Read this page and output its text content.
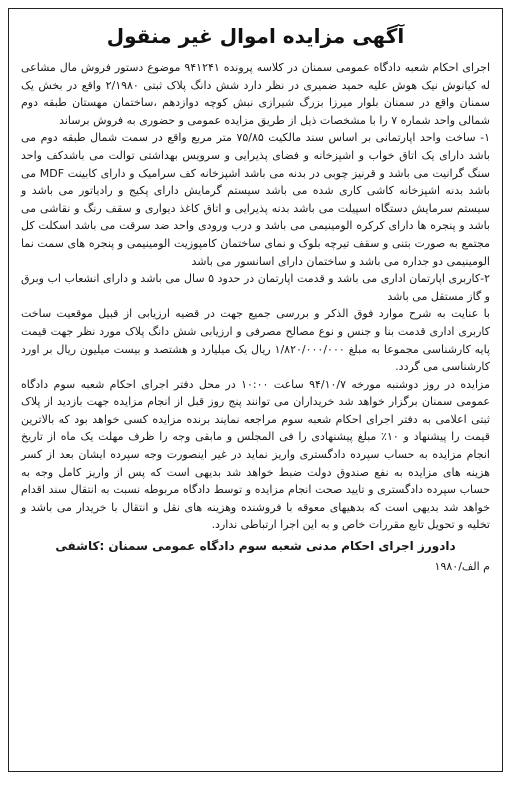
آگهی مزایده اموال غیر منقول

اجرای احکام شعبه دادگاه عمومی سمنان در کلاسه پرونده ۹۴۱۲۴۱ موضوع دستور فروش مال مشاعی له کیانوش نیک هوش علیه حمید ضمیری در نظر دارد شش دانگ پلاک ثبتی ۲/۱۹۸۰ واقع در بخش یک سمنان واقع در سمنان بلوار میرزا بزرگ شیرازی نبش کوچه دوازدهم ،ساختمان مهستان طبقه دوم شمالی واحد شماره ۷ را با مشخصات ذیل از طریق مزایده عمومی و حضوری به فروش برساند

۱- ساخت واحد اپارتمانی بر اساس سند مالکیت ۷۵/۸۵ متر مربع واقع در سمت شمال طبقه دوم می باشد دارای یک اتاق خواب و اشپزخانه و فضای پذیرایی و سرویس بهداشتی توالت می باشدکف واحد سنگ گرانیت می باشد و قرنیز چوبی در بدنه می باشد اشپزخانه کف سرامیک و دارای کابینت MDF می باشد بدنه اشپزخانه کاشی کاری شده می باشد سیستم گرمایش دارای پکیج و رادیاتور می باشد و سیستم سرمایش دستگاه اسپیلت می باشد بدنه پذیرایی و اتاق کاغذ دیواری و سقف رنگ و نقاشی می باشد و پنجره ها دارای کرکره الومینیمی می باشد و درب ورودی واحد ضد سرقت می باشد اسکلت کل مجتمع به صورت بتنی و سقف تیرچه بلوک و نمای ساختمان کامپوزیت الومینیمی و پنجره های سمت نما الومینیمی دو جداره می باشد و ساختمان دارای اسانسور می باشد

۲-کاربری اپارتمان اداری می باشد و قدمت اپارتمان در حدود ۵ سال می باشد و دارای انشعاب اب وبرق و گاز مستقل می باشد

با عنایت به شرح موارد فوق الذکر و بررسی جمیع جهت در قضیه ارزیابی از قبیل موقعیت ساخت کاربری اداری قدمت بنا و جنس و نوع مصالح مصرفی و ارزیابی شش دانگ پلاک مورد نظر جهت قیمت پایه کارشناسی مجموعا به مبلغ ۱/۸۲۰/۰۰۰/۰۰۰ ریال یک میلیارد و هشتصد و بیست میلیون ریال بر اورد کارشناسی می گردد.

مزایده در روز دوشنبه مورخه ۹۴/۱۰/۷ ساعت ۱۰:۰۰ در محل دفتر اجرای احکام شعبه سوم دادگاه عمومی سمنان برگزار خواهد شد خریداران می توانند پنج روز قبل از انجام مزایده جهت بازدید از پلاک ثبتی اعلامی به دفتر اجرای احکام شعبه سوم مراجعه نمایند برنده مزایده کسی خواهد بود که بالاترین قیمت را پیشنهاد و ۱۰٪ مبلغ پیشنهادی را فی المجلس و مابقی وجه را ظرف مهلت یک ماه از تاریخ انجام مزایده به حساب سپرده دادگستری واریز نماید در غیر اینصورت وجه سپرده ایشان بعد از کسر هزینه های مزایده به نفع صندوق دولت ضبط خواهد شد بدیهی است که پس از واریز کامل وجه به حساب سپرده دادگستری و تایید صحت انجام مزایده و توسط دادگاه مربوطه نسبت به انتقال سند اقدام خواهد شد بدیهی است که بدهیهای معوقه با فروشنده وهزینه های نقل و انتقال با خریدار می باشد و تخلیه و تحویل تابع مقررات خاص و به این اجرا ارتباطی ندارد.

دادورز اجرای احکام مدنی شعبه سوم دادگاه عمومی سمنان :کاشفی
م الف/۱۹۸۰
